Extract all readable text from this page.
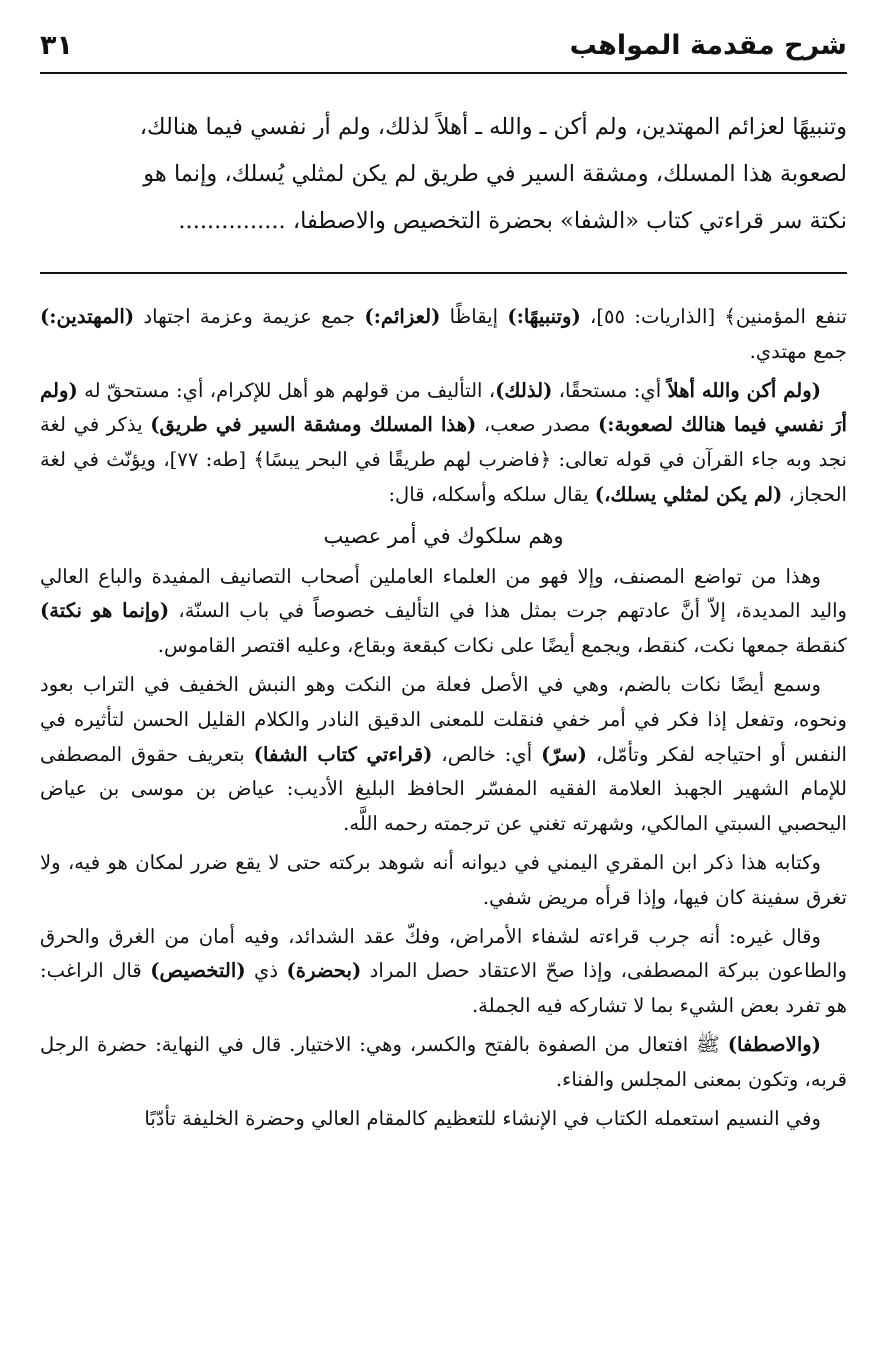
شرح مقدمة المواهب
٣١

وتنبيهًا لعزائم المهتدين، ولم أكن ـ والله ـ أهلاً لذلك، ولم أر نفسي فيما هنالك،

لصعوبة هذا المسلك، ومشقة السير في طريق لم يكن لمثلي يُسلك، وإنما هو

نكتة سر قراءتي كتاب «الشفا» بحضرة التخصيص والاصطفا، ...............

تنفع المؤمنين﴾ [الذاريات: ٥٥]، (وتنبيهًا:) إيقاظًا (لعزائم:) جمع عزيمة وعزمة اجتهاد (المهتدين:) جمع مهتدي.

(ولم أكن والله أهلاً أي: مستحقًا، (لذلك)، التأليف من قولهم هو أهل للإكرام، أي: مستحقّ له (ولم أرَ نفسي فيما هنالك لصعوبة:) مصدر صعب، (هذا المسلك ومشقة السير في طريق) يذكر في لغة نجد وبه جاء القرآن في قوله تعالى: ﴿فاضرب لهم طريقًا في البحر يبسًا﴾ [طه: ٧٧]، ويؤنّث في لغة الحجاز، (لم يكن لمثلي يسلك،) يقال سلكه وأسكله، قال:

وهم سلكوك في أمر عصيب

وهذا من تواضع المصنف، وإلا فهو من العلماء العاملين أصحاب التصانيف المفيدة والباع العالي واليد المديدة، إلاّ أنَّ عادتهم جرت بمثل هذا في التأليف خصوصاً في باب السنّة، (وإنما هو نكتة) كنقطة جمعها نكت، كنقط، ويجمع أيضًا على نكات كبقعة وبقاع، وعليه اقتصر القاموس.

وسمع أيضًا نكات بالضم، وهي في الأصل فعلة من النكت وهو النبش الخفيف في التراب بعود ونحوه، وتفعل إذا فكر في أمر خفي فنقلت للمعنى الدقيق النادر والكلام القليل الحسن لتأثيره في النفس أو احتياجه لفكر وتأمّل، (سرّ) أي: خالص، (قراءتي كتاب الشفا) بتعريف حقوق المصطفى للإمام الشهير الجهبذ العلامة الفقيه المفسّر الحافظ البليغ الأديب: عياض بن موسى بن عياض اليحصبي السبتي المالكي، وشهرته تغني عن ترجمته رحمه اللَّه.

وكتابه هذا ذكر ابن المقري اليمني في ديوانه أنه شوهد بركته حتى لا يقع ضرر لمكان هو فيه، ولا تغرق سفينة كان فيها، وإذا قرأه مريض شفي.

وقال غيره: أنه جرب قراءته لشفاء الأمراض، وفكّ عقد الشدائد، وفيه أمان من الغرق والحرق والطاعون ببركة المصطفى، وإذا صحّ الاعتقاد حصل المراد (بحضرة) ذي (التخصيص) قال الراغب: هو تفرد بعض الشيء بما لا تشاركه فيه الجملة.

(والاصطفا) ﷺ افتعال من الصفوة بالفتح والكسر، وهي: الاختيار. قال في النهاية: حضرة الرجل قربه، وتكون بمعنى المجلس والفناء.

وفي النسيم استعمله الكتاب في الإنشاء للتعظيم كالمقام العالي وحضرة الخليفة تأدّبًا
